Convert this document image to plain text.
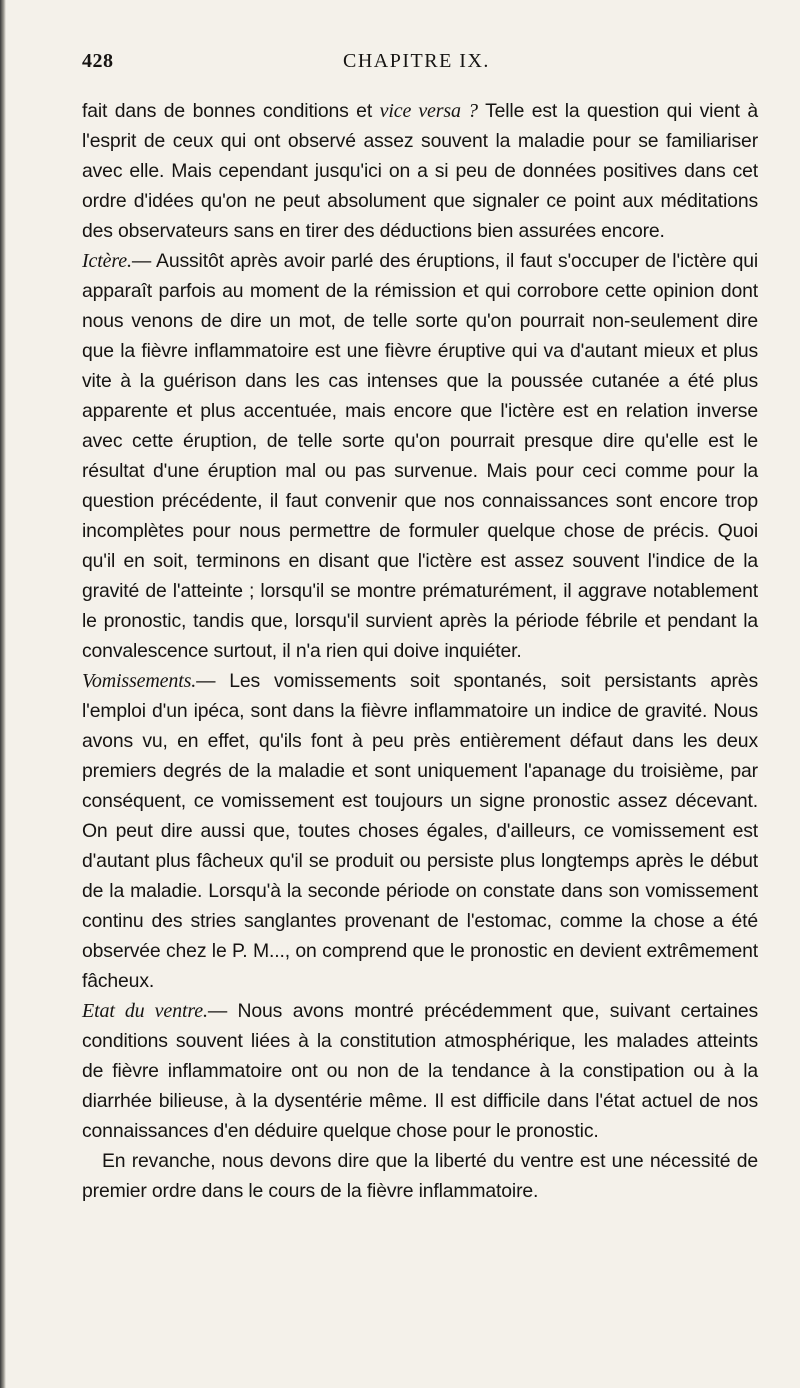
428	CHAPITRE IX.

fait dans de bonnes conditions et vice versa ? Telle est la question qui vient à l'esprit de ceux qui ont observé assez souvent la maladie pour se familiariser avec elle. Mais cependant jusqu'ici on a si peu de données positives dans cet ordre d'idées qu'on ne peut absolument que signaler ce point aux méditations des observateurs sans en tirer des déductions bien assurées encore.

Ictère.— Aussitôt après avoir parlé des éruptions, il faut s'occuper de l'ictère qui apparaît parfois au moment de la rémission et qui corrobore cette opinion dont nous venons de dire un mot, de telle sorte qu'on pourrait non-seulement dire que la fièvre inflammatoire est une fièvre éruptive qui va d'autant mieux et plus vite à la guérison dans les cas intenses que la poussée cutanée a été plus apparente et plus accentuée, mais encore que l'ictère est en relation inverse avec cette éruption, de telle sorte qu'on pourrait presque dire qu'elle est le résultat d'une éruption mal ou pas survenue. Mais pour ceci comme pour la question précédente, il faut convenir que nos connaissances sont encore trop incomplètes pour nous permettre de formuler quelque chose de précis. Quoi qu'il en soit, terminons en disant que l'ictère est assez souvent l'indice de la gravité de l'atteinte ; lorsqu'il se montre prématurément, il aggrave notablement le pronostic, tandis que, lorsqu'il survient après la période fébrile et pendant la convalescence surtout, il n'a rien qui doive inquiéter.

Vomissements.— Les vomissements soit spontanés, soit persistants après l'emploi d'un ipéca, sont dans la fièvre inflammatoire un indice de gravité. Nous avons vu, en effet, qu'ils font à peu près entièrement défaut dans les deux premiers degrés de la maladie et sont uniquement l'apanage du troisième, par conséquent, ce vomissement est toujours un signe pronostic assez décevant. On peut dire aussi que, toutes choses égales, d'ailleurs, ce vomissement est d'autant plus fâcheux qu'il se produit ou persiste plus longtemps après le début de la maladie. Lorsqu'à la seconde période on constate dans son vomissement continu des stries sanglantes provenant de l'estomac, comme la chose a été observée chez le P. M..., on comprend que le pronostic en devient extrêmement fâcheux.

Etat du ventre.— Nous avons montré précédemment que, suivant certaines conditions souvent liées à la constitution atmosphérique, les malades atteints de fièvre inflammatoire ont ou non de la tendance à la constipation ou à la diarrhée bilieuse, à la dysentérie même. Il est difficile dans l'état actuel de nos connaissances d'en déduire quelque chose pour le pronostic.

En revanche, nous devons dire que la liberté du ventre est une nécessité de premier ordre dans le cours de la fièvre inflammatoire.
